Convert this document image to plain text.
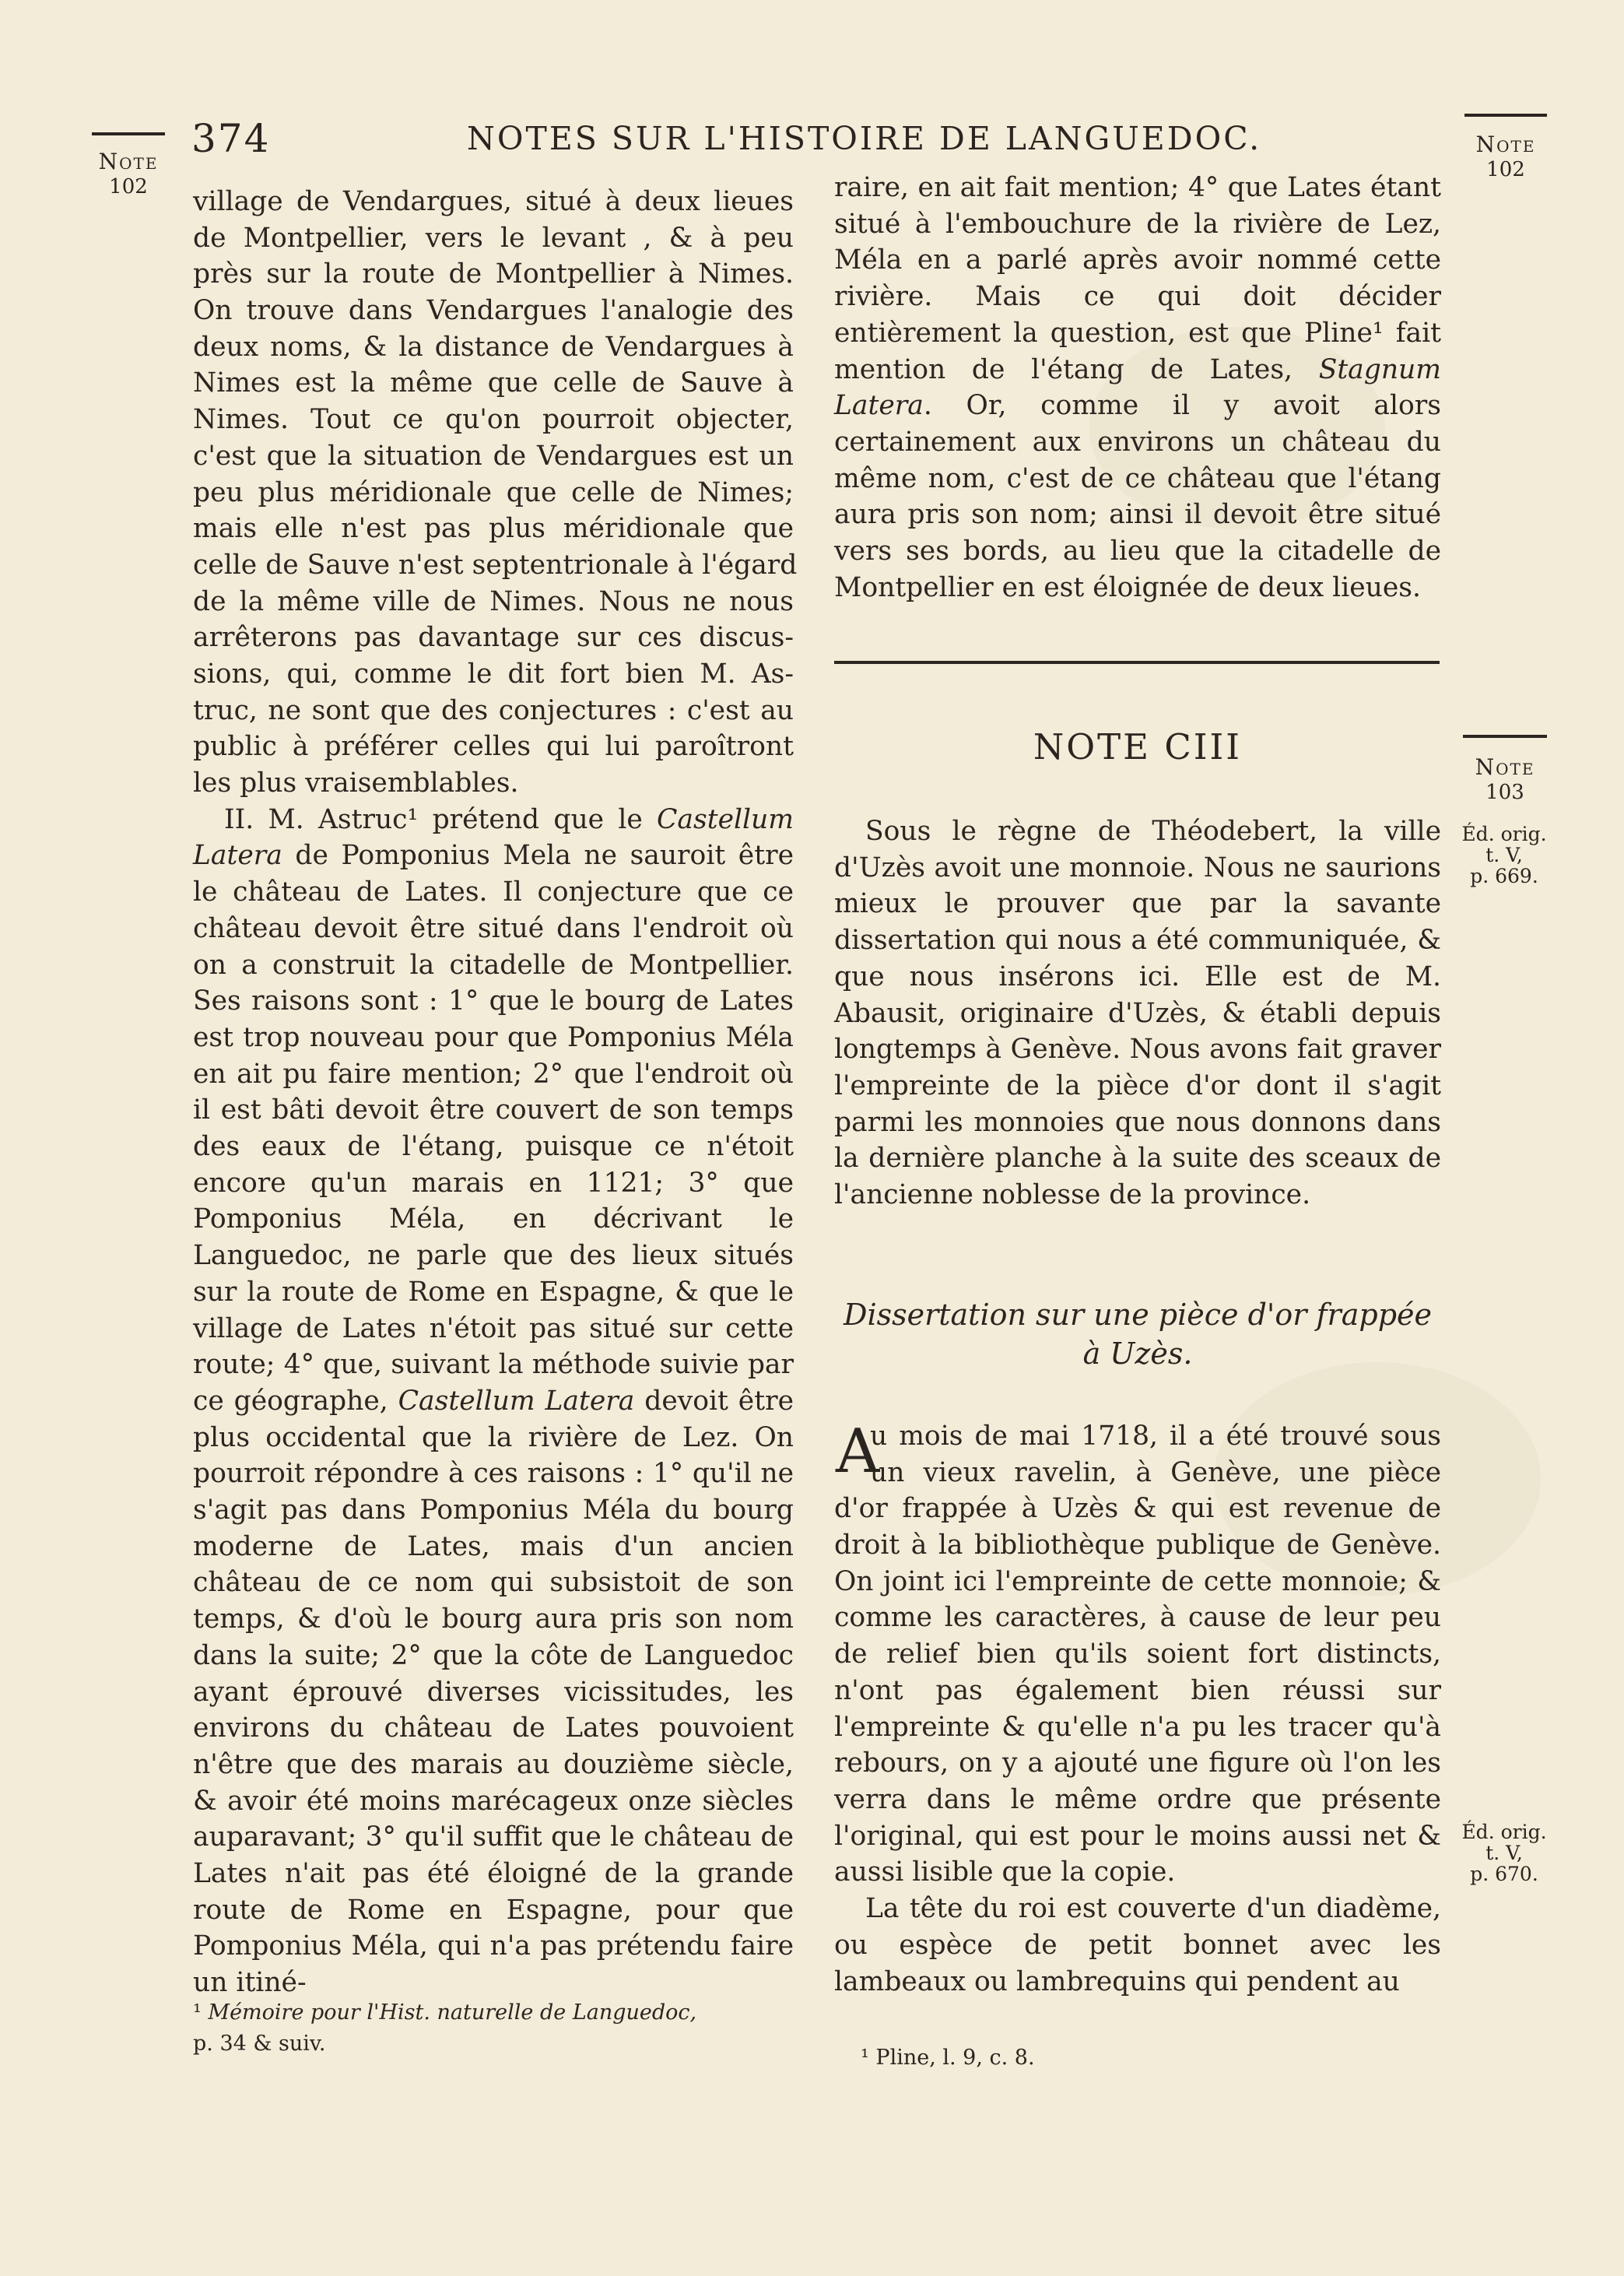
374	NOTES SUR L'HISTOIRE DE LANGUEDOC.
Note
102
Note
102
Note
103
Éd. orig.
t. V,
p. 669.
Éd. orig.
t. V,
p. 670.

village de Vendargues, situé à deux lieues

de Montpellier, vers le levant , & à peu

près sur la route de Montpellier à Nimes.

On trouve dans Vendargues l'analogie des

deux noms, & la distance de Vendargues à

Nimes est la même que celle de Sauve à

Nimes. Tout ce qu'on pourroit objecter,

c'est que la situation de Vendargues est un

peu plus méridionale que celle de Nimes;

mais elle n'est pas plus méridionale que

celle de Sauve n'est septentrionale à l'égard

de la même ville de Nimes. Nous ne nous

arrêterons pas davantage sur ces discus-

sions, qui, comme le dit fort bien M. As-

truc, ne sont que des conjectures : c'est au

public à préférer celles qui lui paroîtront

les plus vraisemblables.

II. M. Astruc¹ prétend que le Castellum Latera de Pomponius Mela ne sauroit être le château de Lates. Il conjecture que ce château devoit être situé dans l'endroit où on a construit la citadelle de Montpellier. Ses raisons sont : 1° que le bourg de Lates est trop nouveau pour que Pomponius Méla en ait pu faire mention; 2° que l'endroit où il est bâti devoit être couvert de son temps des eaux de l'étang, puisque ce n'étoit encore qu'un marais en 1121; 3° que Pomponius Méla, en décrivant le Languedoc, ne parle que des lieux situés sur la route de Rome en Espagne, & que le village de Lates n'étoit pas situé sur cette route; 4° que, suivant la méthode suivie par ce géographe, Castellum Latera devoit être plus occidental que la rivière de Lez. On pourroit répondre à ces raisons : 1° qu'il ne s'agit pas dans Pomponius Méla du bourg moderne de Lates, mais d'un ancien château de ce nom qui subsistoit de son temps, & d'où le bourg aura pris son nom dans la suite; 2° que la côte de Languedoc ayant éprouvé diverses vicissitudes, les environs du château de Lates pouvoient n'être que des marais au douzième siècle, & avoir été moins marécageux onze siècles auparavant; 3° qu'il suffit que le château de Lates n'ait pas été éloigné de la grande route de Rome en Espagne, pour que Pomponius Méla, qui n'a pas prétendu faire un itiné-

¹ Mémoire pour l'Hist. naturelle de Languedoc,
p. 34 & suiv.

raire, en ait fait mention; 4° que Lates étant situé à l'embouchure de la rivière de Lez, Méla en a parlé après avoir nommé cette rivière. Mais ce qui doit décider entièrement la question, est que Pline¹ fait mention de l'étang de Lates, Stagnum Latera. Or, comme il y avoit alors certainement aux environs un château du même nom, c'est de ce château que l'étang aura pris son nom; ainsi il devoit être situé vers ses bords, au lieu que la citadelle de Montpellier en est éloignée de deux lieues.

NOTE CIII

Sous le règne de Théodebert, la ville d'Uzès avoit une monnoie. Nous ne saurions mieux le prouver que par la savante dissertation qui nous a été communiquée, & que nous insérons ici. Elle est de M. Abausit, originaire d'Uzès, & établi depuis longtemps à Genève. Nous avons fait graver l'empreinte de la pièce d'or dont il s'agit parmi les monnoies que nous donnons dans la dernière planche à la suite des sceaux de l'ancienne noblesse de la province.

Dissertation sur une pièce d'or frappée
à Uzès.
A

u mois de mai 1718, il a été trouvé sous

un vieux ravelin, à Genève, une pièce

d'or frappée à Uzès & qui est revenue de droit à la bibliothèque publique de Genève. On joint ici l'empreinte de cette monnoie; & comme les caractères, à cause de leur peu de relief bien qu'ils soient fort distincts, n'ont pas également bien réussi sur l'empreinte & qu'elle n'a pu les tracer qu'à rebours, on y a ajouté une figure où l'on les verra dans le même ordre que présente l'original, qui est pour le moins aussi net & aussi lisible que la copie.

La tête du roi est couverte d'un diadème, ou espèce de petit bonnet avec les lambeaux ou lambrequins qui pendent au

¹ Pline, l. 9, c. 8.
